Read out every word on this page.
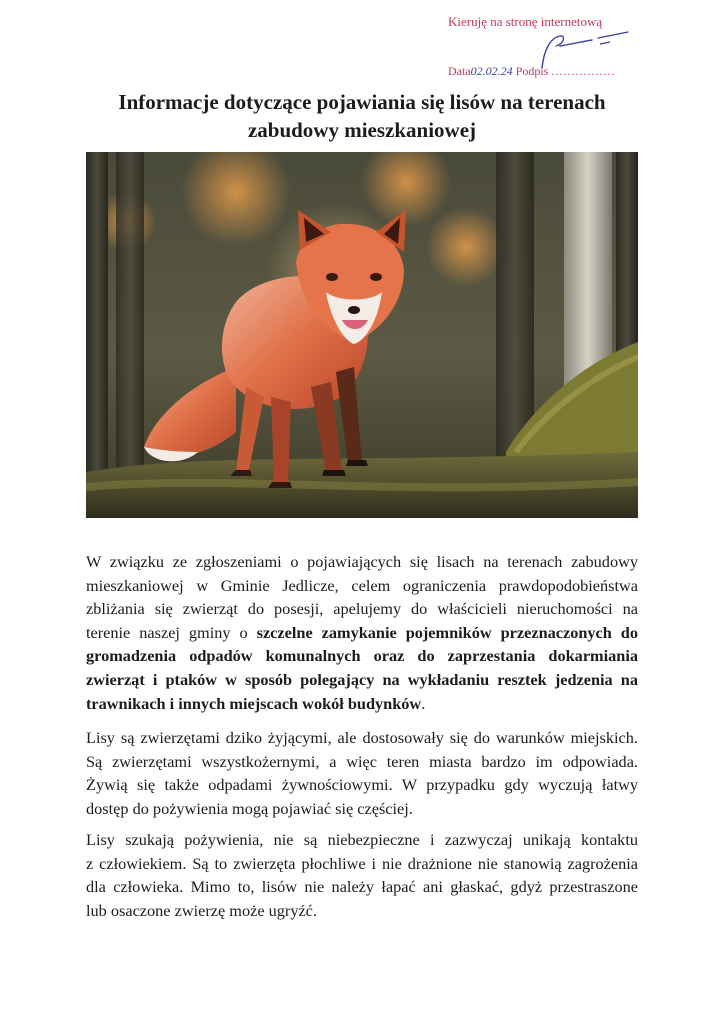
Kieruję na stronę internetową
Data02.02.24 Podpis ................
Informacje dotyczące pojawiania się lisów na terenach
zabudowy mieszkaniowej
W związku ze zgłoszeniami o pojawiających się lisach na terenach zabudowy
mieszkaniowej w Gminie Jedlicze, celem ograniczenia prawdopodobieństwa
zbliżania się zwierząt do posesji, apelujemy do właścicieli nieruchomości na
terenie naszej gminy o szczelne zamykanie pojemników przeznaczonych do
gromadzenia odpadów komunalnych oraz do zaprzestania dokarmiania
zwierząt i ptaków w sposób polegający na wykładaniu resztek jedzenia na
trawnikach i innych miejscach wokół budynków.
Lisy są zwierzętami dziko żyjącymi, ale dostosowały się do warunków miejskich.
Są zwierzętami wszystkożernymi, a więc teren miasta bardzo im odpowiada.
Żywią się także odpadami żywnościowymi. W przypadku gdy wyczują łatwy
dostęp do pożywienia mogą pojawiać się częściej.
Lisy szukają pożywienia, nie są niebezpieczne i zazwyczaj unikają kontaktu
z człowiekiem. Są to zwierzęta płochliwe i nie drażnione nie stanowią zagrożenia
dla człowieka. Mimo to, lisów nie należy łapać ani głaskać, gdyż przestraszone
lub osaczone zwierzę może ugryźć.
